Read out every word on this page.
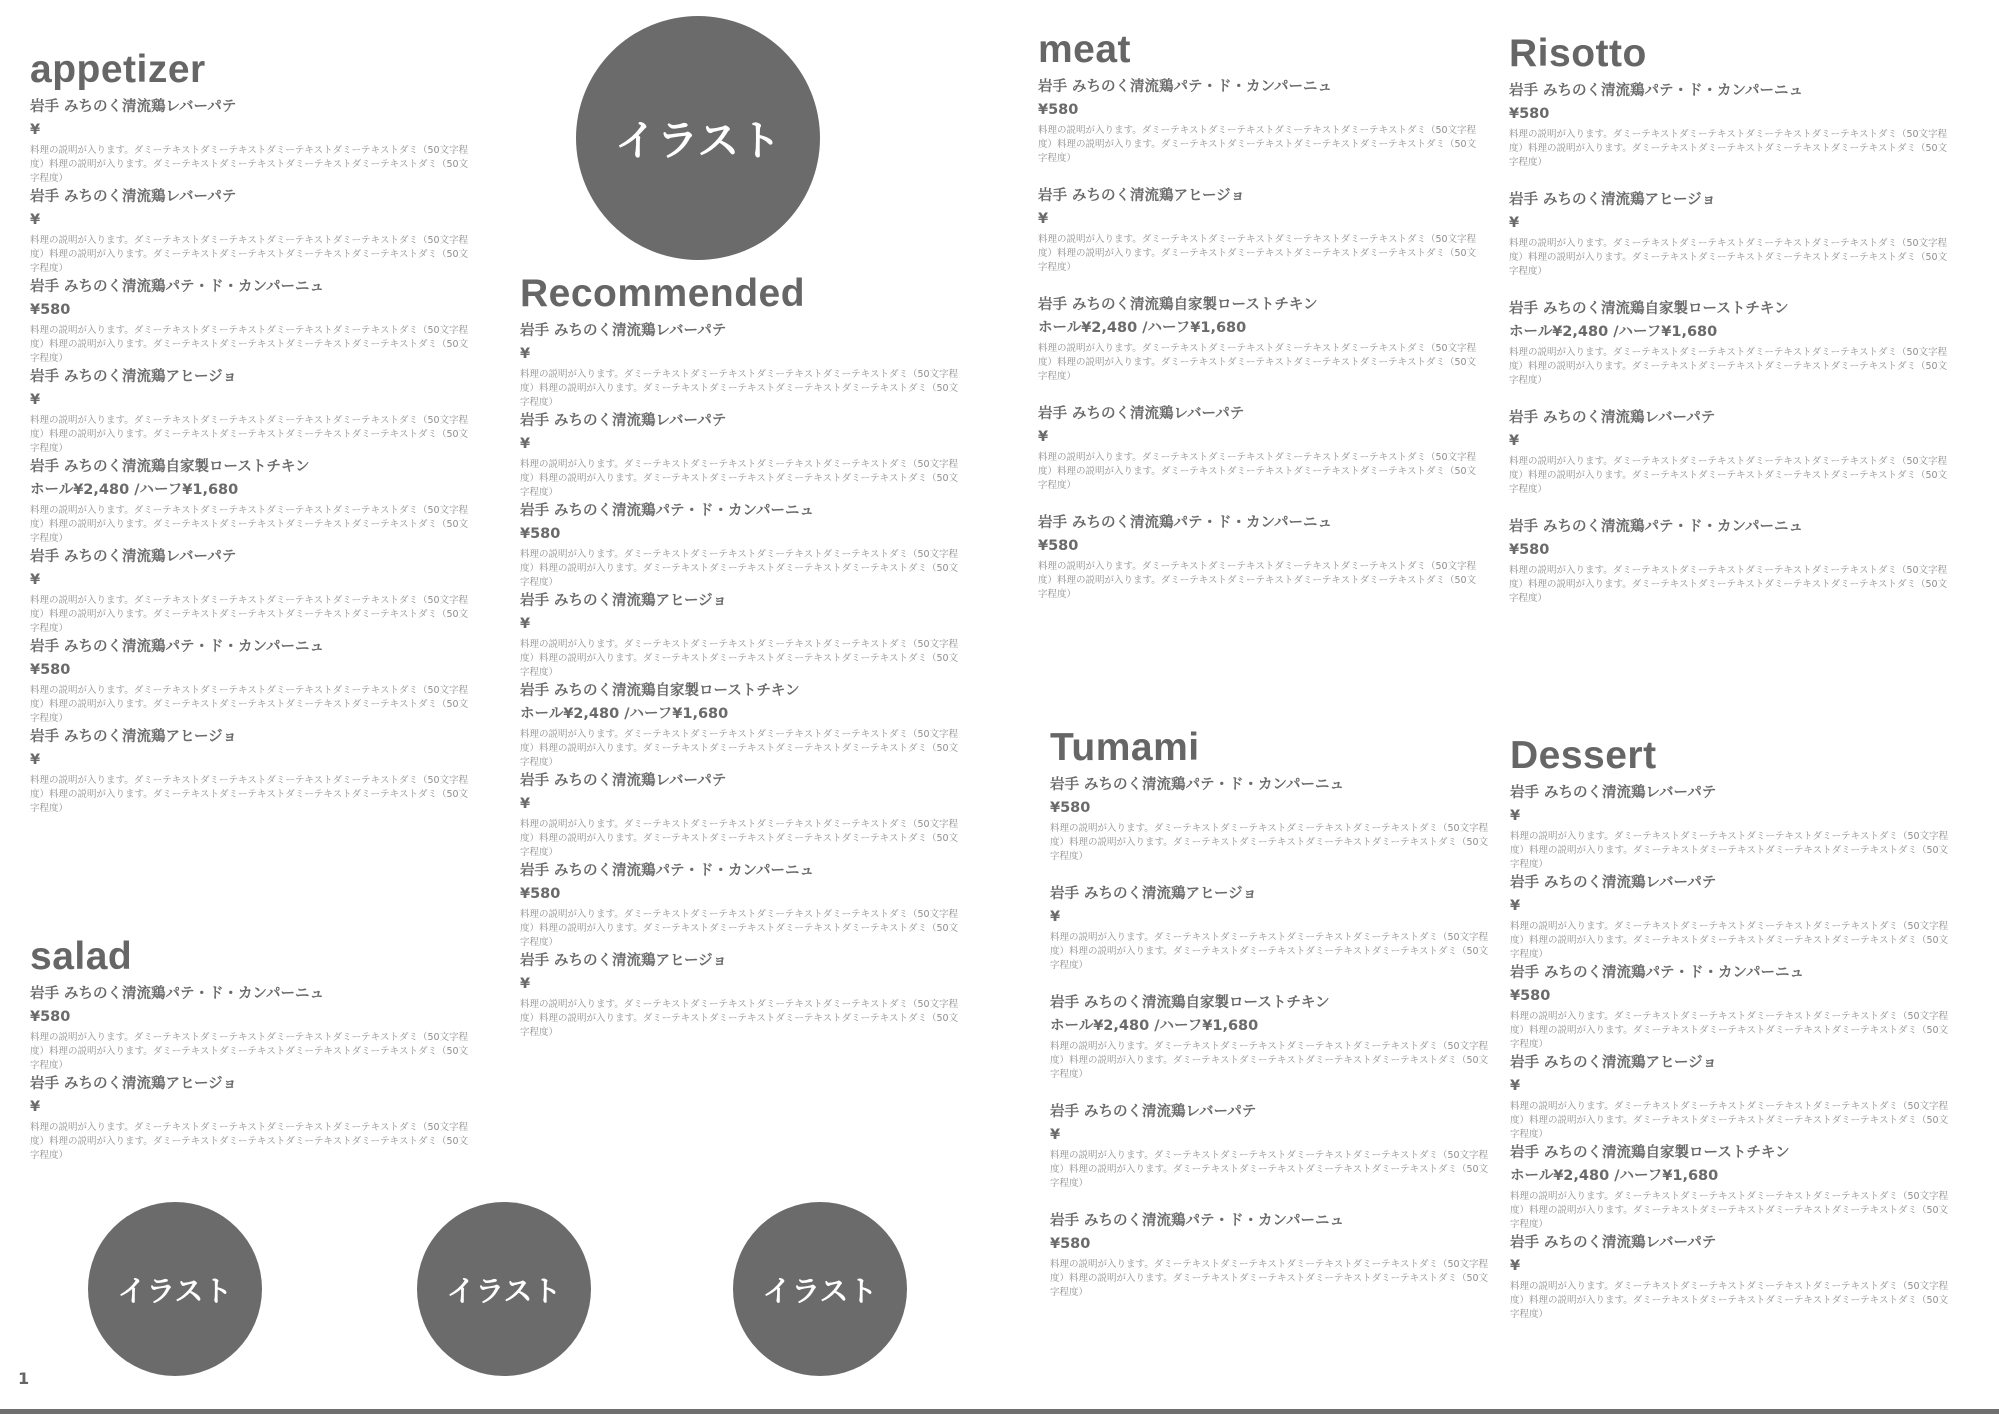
appetizer
岩手 みちのく清流鶏レバーパテ
¥
料理の説明が入ります。ダミーテキストダミーテキストダミーテキストダミーテキストダミ（50文字程度）料理の説明が入ります。ダミーテキストダミーテキストダミーテキストダミーテキストダミ（50文字程度）
岩手 みちのく清流鶏レバーパテ
¥
料理の説明が入ります。ダミーテキストダミーテキストダミーテキストダミーテキストダミ（50文字程度）料理の説明が入ります。ダミーテキストダミーテキストダミーテキストダミーテキストダミ（50文字程度）
岩手 みちのく清流鶏パテ・ド・カンパーニュ
¥580
料理の説明が入ります。ダミーテキストダミーテキストダミーテキストダミーテキストダミ（50文字程度）料理の説明が入ります。ダミーテキストダミーテキストダミーテキストダミーテキストダミ（50文字程度）
岩手 みちのく清流鶏アヒージョ
¥
料理の説明が入ります。ダミーテキストダミーテキストダミーテキストダミーテキストダミ（50文字程度）料理の説明が入ります。ダミーテキストダミーテキストダミーテキストダミーテキストダミ（50文字程度）
岩手 みちのく清流鶏自家製ローストチキン
ホール¥2,480 /ハーフ¥1,680
料理の説明が入ります。ダミーテキストダミーテキストダミーテキストダミーテキストダミ（50文字程度）料理の説明が入ります。ダミーテキストダミーテキストダミーテキストダミーテキストダミ（50文字程度）
岩手 みちのく清流鶏レバーパテ
¥
料理の説明が入ります。ダミーテキストダミーテキストダミーテキストダミーテキストダミ（50文字程度）料理の説明が入ります。ダミーテキストダミーテキストダミーテキストダミーテキストダミ（50文字程度）
岩手 みちのく清流鶏パテ・ド・カンパーニュ
¥580
料理の説明が入ります。ダミーテキストダミーテキストダミーテキストダミーテキストダミ（50文字程度）料理の説明が入ります。ダミーテキストダミーテキストダミーテキストダミーテキストダミ（50文字程度）
岩手 みちのく清流鶏アヒージョ
¥
料理の説明が入ります。ダミーテキストダミーテキストダミーテキストダミーテキストダミ（50文字程度）料理の説明が入ります。ダミーテキストダミーテキストダミーテキストダミーテキストダミ（50文字程度）
salad
岩手 みちのく清流鶏パテ・ド・カンパーニュ
¥580
料理の説明が入ります。ダミーテキストダミーテキストダミーテキストダミーテキストダミ（50文字程度）料理の説明が入ります。ダミーテキストダミーテキストダミーテキストダミーテキストダミ（50文字程度）
岩手 みちのく清流鶏アヒージョ
¥
料理の説明が入ります。ダミーテキストダミーテキストダミーテキストダミーテキストダミ（50文字程度）料理の説明が入ります。ダミーテキストダミーテキストダミーテキストダミーテキストダミ（50文字程度）
Recommended
岩手 みちのく清流鶏レバーパテ
¥
料理の説明が入ります。ダミーテキストダミーテキストダミーテキストダミーテキストダミ（50文字程度）料理の説明が入ります。ダミーテキストダミーテキストダミーテキストダミーテキストダミ（50文字程度）
岩手 みちのく清流鶏レバーパテ
¥
料理の説明が入ります。ダミーテキストダミーテキストダミーテキストダミーテキストダミ（50文字程度）料理の説明が入ります。ダミーテキストダミーテキストダミーテキストダミーテキストダミ（50文字程度）
岩手 みちのく清流鶏パテ・ド・カンパーニュ
¥580
料理の説明が入ります。ダミーテキストダミーテキストダミーテキストダミーテキストダミ（50文字程度）料理の説明が入ります。ダミーテキストダミーテキストダミーテキストダミーテキストダミ（50文字程度）
岩手 みちのく清流鶏アヒージョ
¥
料理の説明が入ります。ダミーテキストダミーテキストダミーテキストダミーテキストダミ（50文字程度）料理の説明が入ります。ダミーテキストダミーテキストダミーテキストダミーテキストダミ（50文字程度）
岩手 みちのく清流鶏自家製ローストチキン
ホール¥2,480 /ハーフ¥1,680
料理の説明が入ります。ダミーテキストダミーテキストダミーテキストダミーテキストダミ（50文字程度）料理の説明が入ります。ダミーテキストダミーテキストダミーテキストダミーテキストダミ（50文字程度）
岩手 みちのく清流鶏レバーパテ
¥
料理の説明が入ります。ダミーテキストダミーテキストダミーテキストダミーテキストダミ（50文字程度）料理の説明が入ります。ダミーテキストダミーテキストダミーテキストダミーテキストダミ（50文字程度）
岩手 みちのく清流鶏パテ・ド・カンパーニュ
¥580
料理の説明が入ります。ダミーテキストダミーテキストダミーテキストダミーテキストダミ（50文字程度）料理の説明が入ります。ダミーテキストダミーテキストダミーテキストダミーテキストダミ（50文字程度）
岩手 みちのく清流鶏アヒージョ
¥
料理の説明が入ります。ダミーテキストダミーテキストダミーテキストダミーテキストダミ（50文字程度）料理の説明が入ります。ダミーテキストダミーテキストダミーテキストダミーテキストダミ（50文字程度）
イラスト
イラスト	イラスト	イラスト
1
meat
岩手 みちのく清流鶏パテ・ド・カンパーニュ
¥580
料理の説明が入ります。ダミーテキストダミーテキストダミーテキストダミーテキストダミ（50文字程度）料理の説明が入ります。ダミーテキストダミーテキストダミーテキストダミーテキストダミ（50文字程度）
岩手 みちのく清流鶏アヒージョ
¥
料理の説明が入ります。ダミーテキストダミーテキストダミーテキストダミーテキストダミ（50文字程度）料理の説明が入ります。ダミーテキストダミーテキストダミーテキストダミーテキストダミ（50文字程度）
岩手 みちのく清流鶏自家製ローストチキン
ホール¥2,480 /ハーフ¥1,680
料理の説明が入ります。ダミーテキストダミーテキストダミーテキストダミーテキストダミ（50文字程度）料理の説明が入ります。ダミーテキストダミーテキストダミーテキストダミーテキストダミ（50文字程度）
岩手 みちのく清流鶏レバーパテ
¥
料理の説明が入ります。ダミーテキストダミーテキストダミーテキストダミーテキストダミ（50文字程度）料理の説明が入ります。ダミーテキストダミーテキストダミーテキストダミーテキストダミ（50文字程度）
岩手 みちのく清流鶏パテ・ド・カンパーニュ
¥580
料理の説明が入ります。ダミーテキストダミーテキストダミーテキストダミーテキストダミ（50文字程度）料理の説明が入ります。ダミーテキストダミーテキストダミーテキストダミーテキストダミ（50文字程度）
Risotto
岩手 みちのく清流鶏パテ・ド・カンパーニュ
¥580
料理の説明が入ります。ダミーテキストダミーテキストダミーテキストダミーテキストダミ（50文字程度）料理の説明が入ります。ダミーテキストダミーテキストダミーテキストダミーテキストダミ（50文字程度）
岩手 みちのく清流鶏アヒージョ
¥
料理の説明が入ります。ダミーテキストダミーテキストダミーテキストダミーテキストダミ（50文字程度）料理の説明が入ります。ダミーテキストダミーテキストダミーテキストダミーテキストダミ（50文字程度）
岩手 みちのく清流鶏自家製ローストチキン
ホール¥2,480 /ハーフ¥1,680
料理の説明が入ります。ダミーテキストダミーテキストダミーテキストダミーテキストダミ（50文字程度）料理の説明が入ります。ダミーテキストダミーテキストダミーテキストダミーテキストダミ（50文字程度）
岩手 みちのく清流鶏レバーパテ
¥
料理の説明が入ります。ダミーテキストダミーテキストダミーテキストダミーテキストダミ（50文字程度）料理の説明が入ります。ダミーテキストダミーテキストダミーテキストダミーテキストダミ（50文字程度）
岩手 みちのく清流鶏パテ・ド・カンパーニュ
¥580
料理の説明が入ります。ダミーテキストダミーテキストダミーテキストダミーテキストダミ（50文字程度）料理の説明が入ります。ダミーテキストダミーテキストダミーテキストダミーテキストダミ（50文字程度）
Tumami
岩手 みちのく清流鶏パテ・ド・カンパーニュ
¥580
料理の説明が入ります。ダミーテキストダミーテキストダミーテキストダミーテキストダミ（50文字程度）料理の説明が入ります。ダミーテキストダミーテキストダミーテキストダミーテキストダミ（50文字程度）
岩手 みちのく清流鶏アヒージョ
¥
料理の説明が入ります。ダミーテキストダミーテキストダミーテキストダミーテキストダミ（50文字程度）料理の説明が入ります。ダミーテキストダミーテキストダミーテキストダミーテキストダミ（50文字程度）
岩手 みちのく清流鶏自家製ローストチキン
ホール¥2,480 /ハーフ¥1,680
料理の説明が入ります。ダミーテキストダミーテキストダミーテキストダミーテキストダミ（50文字程度）料理の説明が入ります。ダミーテキストダミーテキストダミーテキストダミーテキストダミ（50文字程度）
岩手 みちのく清流鶏レバーパテ
¥
料理の説明が入ります。ダミーテキストダミーテキストダミーテキストダミーテキストダミ（50文字程度）料理の説明が入ります。ダミーテキストダミーテキストダミーテキストダミーテキストダミ（50文字程度）
岩手 みちのく清流鶏パテ・ド・カンパーニュ
¥580
料理の説明が入ります。ダミーテキストダミーテキストダミーテキストダミーテキストダミ（50文字程度）料理の説明が入ります。ダミーテキストダミーテキストダミーテキストダミーテキストダミ（50文字程度）
Dessert
岩手 みちのく清流鶏レバーパテ
¥
料理の説明が入ります。ダミーテキストダミーテキストダミーテキストダミーテキストダミ（50文字程度）料理の説明が入ります。ダミーテキストダミーテキストダミーテキストダミーテキストダミ（50文字程度）
岩手 みちのく清流鶏レバーパテ
¥
料理の説明が入ります。ダミーテキストダミーテキストダミーテキストダミーテキストダミ（50文字程度）料理の説明が入ります。ダミーテキストダミーテキストダミーテキストダミーテキストダミ（50文字程度）
岩手 みちのく清流鶏パテ・ド・カンパーニュ
¥580
料理の説明が入ります。ダミーテキストダミーテキストダミーテキストダミーテキストダミ（50文字程度）料理の説明が入ります。ダミーテキストダミーテキストダミーテキストダミーテキストダミ（50文字程度）
岩手 みちのく清流鶏アヒージョ
¥
料理の説明が入ります。ダミーテキストダミーテキストダミーテキストダミーテキストダミ（50文字程度）料理の説明が入ります。ダミーテキストダミーテキストダミーテキストダミーテキストダミ（50文字程度）
岩手 みちのく清流鶏自家製ローストチキン
ホール¥2,480 /ハーフ¥1,680
料理の説明が入ります。ダミーテキストダミーテキストダミーテキストダミーテキストダミ（50文字程度）料理の説明が入ります。ダミーテキストダミーテキストダミーテキストダミーテキストダミ（50文字程度）
岩手 みちのく清流鶏レバーパテ
¥
料理の説明が入ります。ダミーテキストダミーテキストダミーテキストダミーテキストダミ（50文字程度）料理の説明が入ります。ダミーテキストダミーテキストダミーテキストダミーテキストダミ（50文字程度）
